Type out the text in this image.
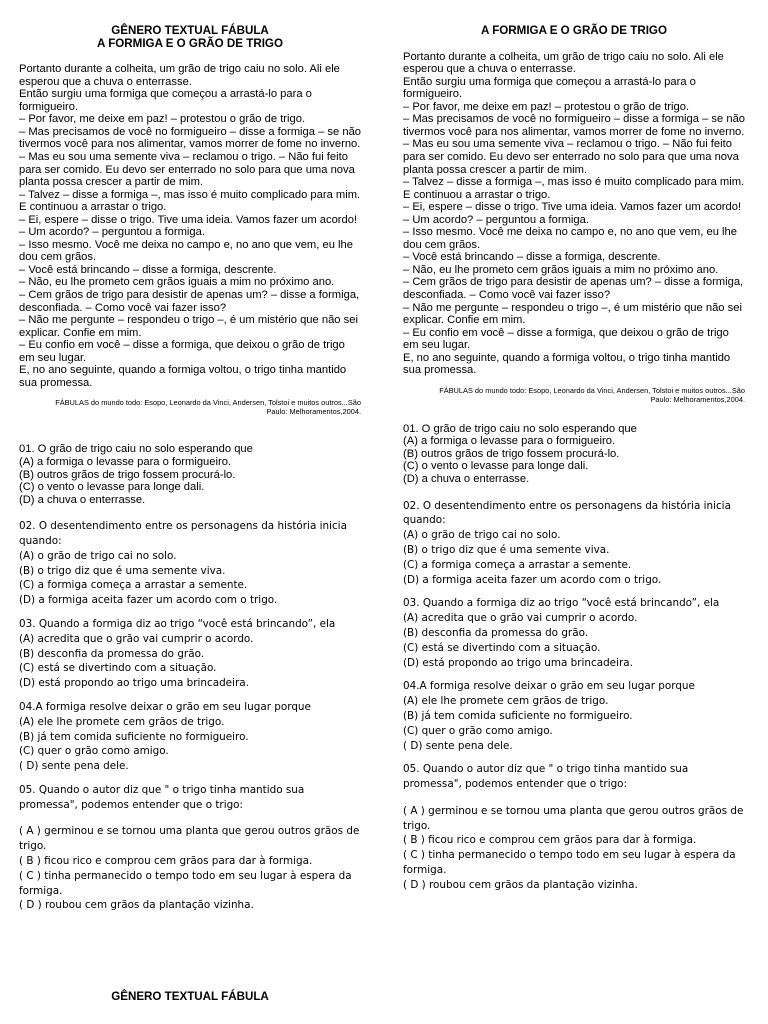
GÊNERO TEXTUAL FÁBULA
A FORMIGA E O GRÃO DE TRIGO

Portanto durante a colheita, um grão de trigo caiu no solo. Ali ele esperou que a chuva o enterrasse.

Então surgiu uma formiga que começou a arrastá-lo para o formigueiro.

– Por favor, me deixe em paz! – protestou o grão de trigo.

– Mas precisamos de você no formigueiro – disse a formiga – se não tivermos você para nos alimentar, vamos morrer de fome no inverno.

– Mas eu sou uma semente viva – reclamou o trigo. – Não fui feito para ser comido. Eu devo ser enterrado no solo para que uma nova planta possa crescer a partir de mim.

– Talvez – disse a formiga –, mas isso é muito complicado para mim. E continuou a arrastar o trigo.

– Ei, espere – disse o trigo. Tive uma ideia. Vamos fazer um acordo!

– Um acordo? – perguntou a formiga.

– Isso mesmo. Você me deixa no campo e, no ano que vem, eu lhe dou cem grãos.

– Você está brincando – disse a formiga, descrente.

– Não, eu lhe prometo cem grãos iguais a mim no próximo ano.

– Cem grãos de trigo para desistir de apenas um? – disse a formiga, desconfiada. – Como você vai fazer isso?

– Não me pergunte – respondeu o trigo –, é um mistério que não sei explicar. Confie em mim.

– Eu confio em você – disse a formiga, que deixou o grão de trigo em seu lugar.

E, no ano seguinte, quando a formiga voltou, o trigo tinha mantido sua promessa.

FÁBULAS do mundo todo: Esopo, Leonardo da Vinci, Andersen, Tolstoi e muitos outros...São

Paulo: Melhoramentos,2004.

01. O grão de trigo caiu no solo esperando que

(A) a formiga o levasse para o formigueiro.

(B) outros grãos de trigo fossem procurá-lo.

(C) o vento o levasse para longe dali.

(D) a chuva o enterrasse.

02. O desentendimento entre os personagens da história inicia quando:

(A) o grão de trigo cai no solo.

(B) o trigo diz que é uma semente viva.

(C) a formiga começa a arrastar a semente.

(D) a formiga aceita fazer um acordo com o trigo.

03. Quando a formiga diz ao trigo “você está brincando”, ela

(A) acredita que o grão vai cumprir o acordo.

(B) desconfia da promessa do grão.

(C) está se divertindo com a situação.

(D) está propondo ao trigo uma brincadeira.

04.A formiga resolve deixar o grão em seu lugar porque

(A) ele lhe promete cem grãos de trigo.

(B) já tem comida suficiente no formigueiro.

(C) quer o grão como amigo.

( D) sente pena dele.

05. Quando o autor diz que " o trigo tinha mantido sua promessa", podemos entender que o trigo:

( A ) germinou e se tornou uma planta que gerou outros grãos de trigo.

( B ) ficou rico e comprou cem grãos para dar à formiga.

( C ) tinha permanecido o tempo todo em seu lugar à espera da formiga.

( D ) roubou cem grãos da plantação vizinha.

GÊNERO TEXTUAL FÁBULA
A FORMIGA E O GRÃO DE TRIGO

Portanto durante a colheita, um grão de trigo caiu no solo. Ali ele esperou que a chuva o enterrasse.

Então surgiu uma formiga que começou a arrastá-lo para o formigueiro.

– Por favor, me deixe em paz! – protestou o grão de trigo.

– Mas precisamos de você no formigueiro – disse a formiga – se não tivermos você para nos alimentar, vamos morrer de fome no inverno.

– Mas eu sou uma semente viva – reclamou o trigo. – Não fui feito para ser comido. Eu devo ser enterrado no solo para que uma nova planta possa crescer a partir de mim.

– Talvez – disse a formiga –, mas isso é muito complicado para mim. E continuou a arrastar o trigo.

– Ei, espere – disse o trigo. Tive uma ideia. Vamos fazer um acordo!

– Um acordo? – perguntou a formiga.

– Isso mesmo. Você me deixa no campo e, no ano que vem, eu lhe dou cem grãos.

– Você está brincando – disse a formiga, descrente.

– Não, eu lhe prometo cem grãos iguais a mim no próximo ano.

– Cem grãos de trigo para desistir de apenas um? – disse a formiga, desconfiada. – Como você vai fazer isso?

– Não me pergunte – respondeu o trigo –, é um mistério que não sei explicar. Confie em mim.

– Eu confio em você – disse a formiga, que deixou o grão de trigo em seu lugar.

E, no ano seguinte, quando a formiga voltou, o trigo tinha mantido sua promessa.

FÁBULAS do mundo todo: Esopo, Leonardo da Vinci, Andersen, Tolstoi e muitos outros...São

Paulo: Melhoramentos,2004.

01. O grão de trigo caiu no solo esperando que

(A) a formiga o levasse para o formigueiro.

(B) outros grãos de trigo fossem procurá-lo.

(C) o vento o levasse para longe dali.

(D) a chuva o enterrasse.

02. O desentendimento entre os personagens da história inicia quando:

(A) o grão de trigo cai no solo.

(B) o trigo diz que é uma semente viva.

(C) a formiga começa a arrastar a semente.

(D) a formiga aceita fazer um acordo com o trigo.

03. Quando a formiga diz ao trigo “você está brincando”, ela

(A) acredita que o grão vai cumprir o acordo.

(B) desconfia da promessa do grão.

(C) está se divertindo com a situação.

(D) está propondo ao trigo uma brincadeira.

04.A formiga resolve deixar o grão em seu lugar porque

(A) ele lhe promete cem grãos de trigo.

(B) já tem comida suficiente no formigueiro.

(C) quer o grão como amigo.

( D) sente pena dele.

05. Quando o autor diz que " o trigo tinha mantido sua promessa", podemos entender que o trigo:

( A ) germinou e se tornou uma planta que gerou outros grãos de trigo.

( B ) ficou rico e comprou cem grãos para dar à formiga.

( C ) tinha permanecido o tempo todo em seu lugar à espera da formiga.

( D ) roubou cem grãos da plantação vizinha.
